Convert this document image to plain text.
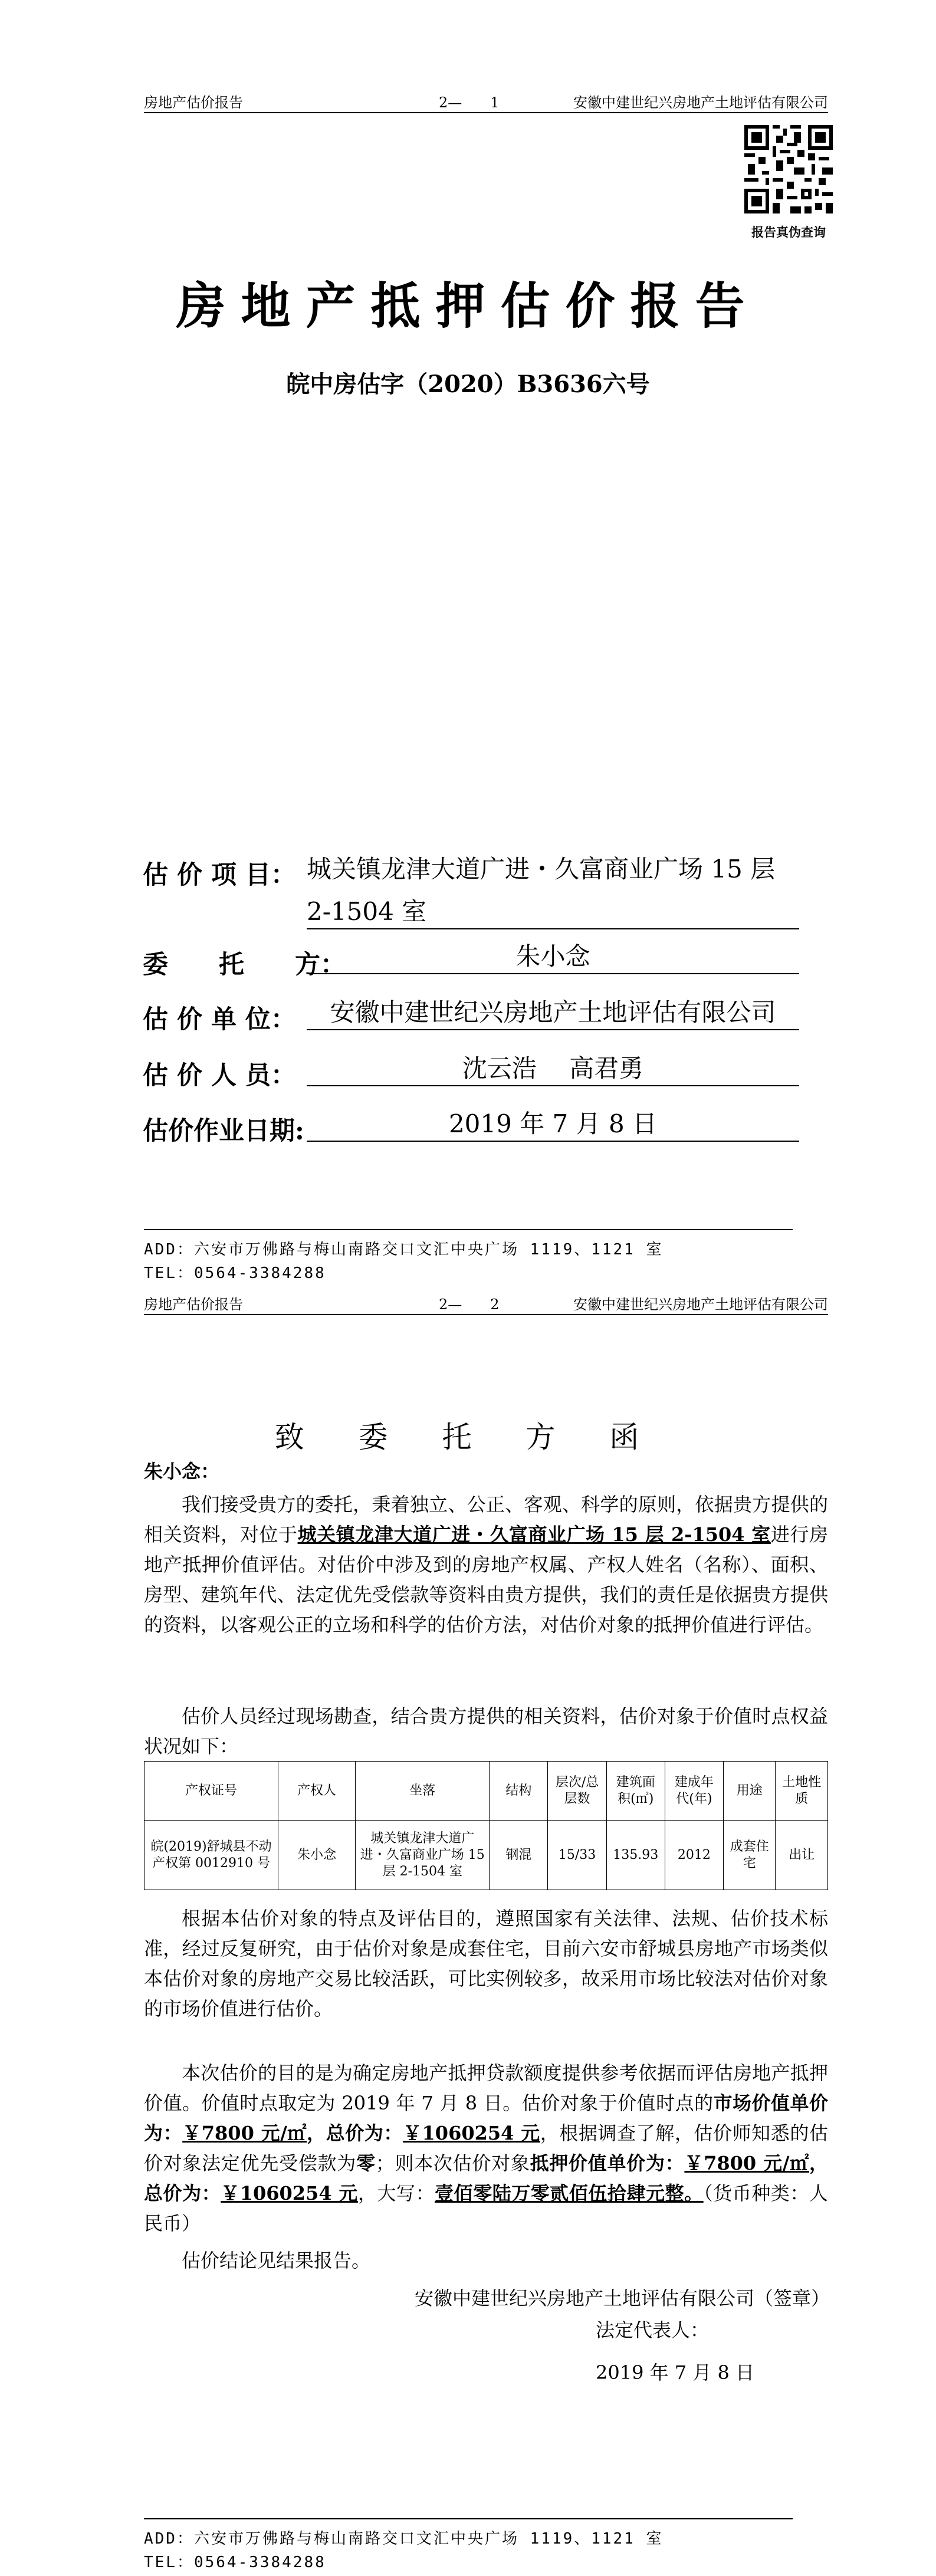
房地产估价报告	2—　　1	安徽中建世纪兴房地产土地评估有限公司
报告真伪查询
房地产抵押估价报告
皖中房估字（2020）B3636六号
估 价 项 目： 城关镇龙津大道广进・久富商业广场 15 层
2-1504 室
委　　托　　方：	朱小念
估 价 单 位：	安徽中建世纪兴房地产土地评估有限公司
估 价 人 员：	沈云浩　 高君勇
估价作业日期:	2019 年 7 月 8 日
ADD：六安市万佛路与梅山南路交口文汇中央广场 1119、1121 室
TEL：0564-3384288
房地产估价报告	2—　　2	安徽中建世纪兴房地产土地评估有限公司
致 委 托 方 函
朱小念：
我们接受贵方的委托，秉着独立、公正、客观、科学的原则，依据贵方提供的相关资料，对位于城关镇龙津大道广进・久富商业广场 15 层 2-1504 室进行房地产抵押价值评估。对估价中涉及到的房地产权属、产权人姓名（名称）、面积、房型、建筑年代、法定优先受偿款等资料由贵方提供，我们的责任是依据贵方提供的资料，以客观公正的立场和科学的估价方法，对估价对象的抵押价值进行评估。
估价人员经过现场勘查，结合贵方提供的相关资料，估价对象于价值时点权益状况如下：
产权证号	产权人	坐落	结构	层次/总层数	建筑面积(㎡)	建成年代(年)	用途	土地性质
皖(2019)舒城县不动产权第 0012910 号	朱小念	城关镇龙津大道广进・久富商业广场 15 层 2-1504 室	钢混	15/33	135.93	2012	成套住宅	出让
根据本估价对象的特点及评估目的，遵照国家有关法律、法规、估价技术标准，经过反复研究，由于估价对象是成套住宅，目前六安市舒城县房地产市场类似本估价对象的房地产交易比较活跃，可比实例较多，故采用市场比较法对估价对象的市场价值进行估价。
本次估价的目的是为确定房地产抵押贷款额度提供参考依据而评估房地产抵押价值。价值时点取定为 2019 年 7 月 8 日。估价对象于价值时点的市场价值单价为：￥7800 元/㎡，总价为：￥1060254 元，根据调查了解，估价师知悉的估价对象法定优先受偿款为零；则本次估价对象抵押价值单价为：￥7800 元/㎡，总价为：￥1060254 元，大写：壹佰零陆万零贰佰伍拾肆元整。（货币种类：人民币）
估价结论见结果报告。
安徽中建世纪兴房地产土地评估有限公司（签章）
法定代表人：
2019 年 7 月 8 日
ADD：六安市万佛路与梅山南路交口文汇中央广场 1119、1121 室
TEL：0564-3384288
